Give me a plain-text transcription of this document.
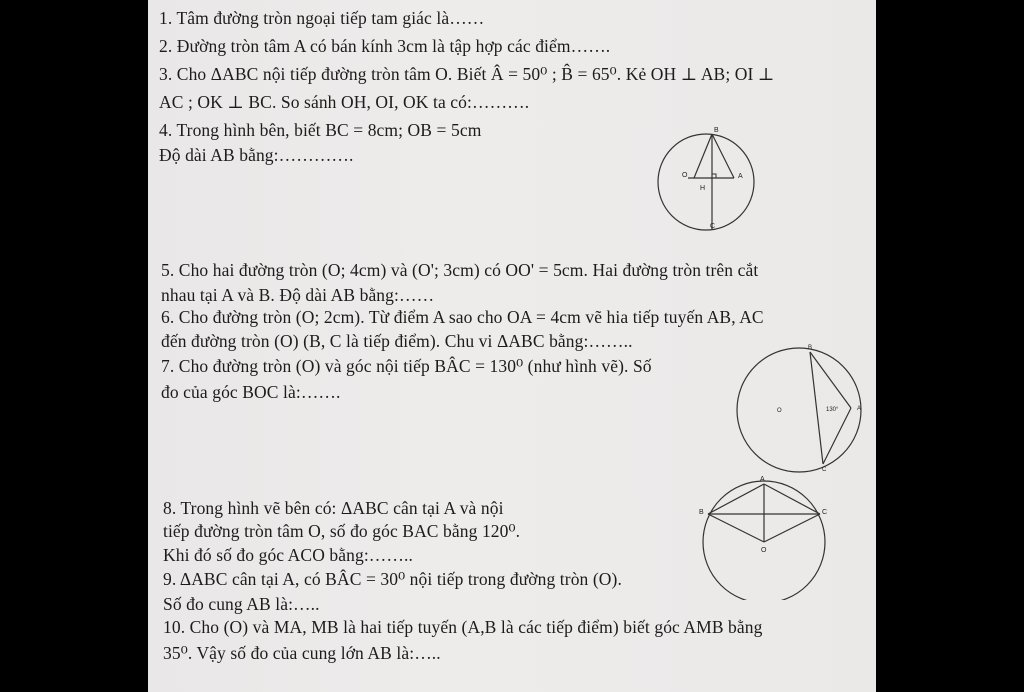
1. Tâm đường tròn ngoại tiếp tam giác là……
2. Đường tròn tâm A có bán kính 3cm là tập hợp các điểm…….
3. Cho ΔABC nội tiếp đường tròn tâm O. Biết Â = 50⁰ ; B̂ = 65⁰. Kẻ OH ⊥ AB; OI ⊥
AC ; OK ⊥ BC. So sánh OH, OI, OK ta có:……….
4. Trong hình bên, biết BC = 8cm; OB = 5cm
Độ dài AB bằng:………….
5. Cho hai đường tròn (O; 4cm) và (O'; 3cm) có OO' = 5cm. Hai đường tròn trên cắt
nhau tại A và B. Độ dài AB bằng:……
6. Cho đường tròn (O; 2cm). Từ điểm A sao cho OA = 4cm vẽ hia tiếp tuyến AB, AC
đến đường tròn (O) (B, C là tiếp điểm). Chu vi ΔABC bằng:……..
7. Cho đường tròn (O) và góc nội tiếp BÂC = 130⁰ (như hình vẽ). Số
đo của góc BOC là:…….
8. Trong hình vẽ bên có: ΔABC cân tại A và nội
tiếp đường tròn tâm O, số đo góc BAC bằng 120⁰.
Khi đó số đo góc ACO bằng:……..
9. ΔABC cân tại A, có BÂC = 30⁰ nội tiếp trong đường tròn (O).
Số đo cung AB là:…..
10. Cho (O) và MA, MB là hai tiếp tuyến (A,B là các tiếp điểm) biết góc AMB bằng
35⁰. Vậy số đo của cung lớn AB là:…..
B
O
H
A
C
B
O	130°	A
C
A
B	C
O
